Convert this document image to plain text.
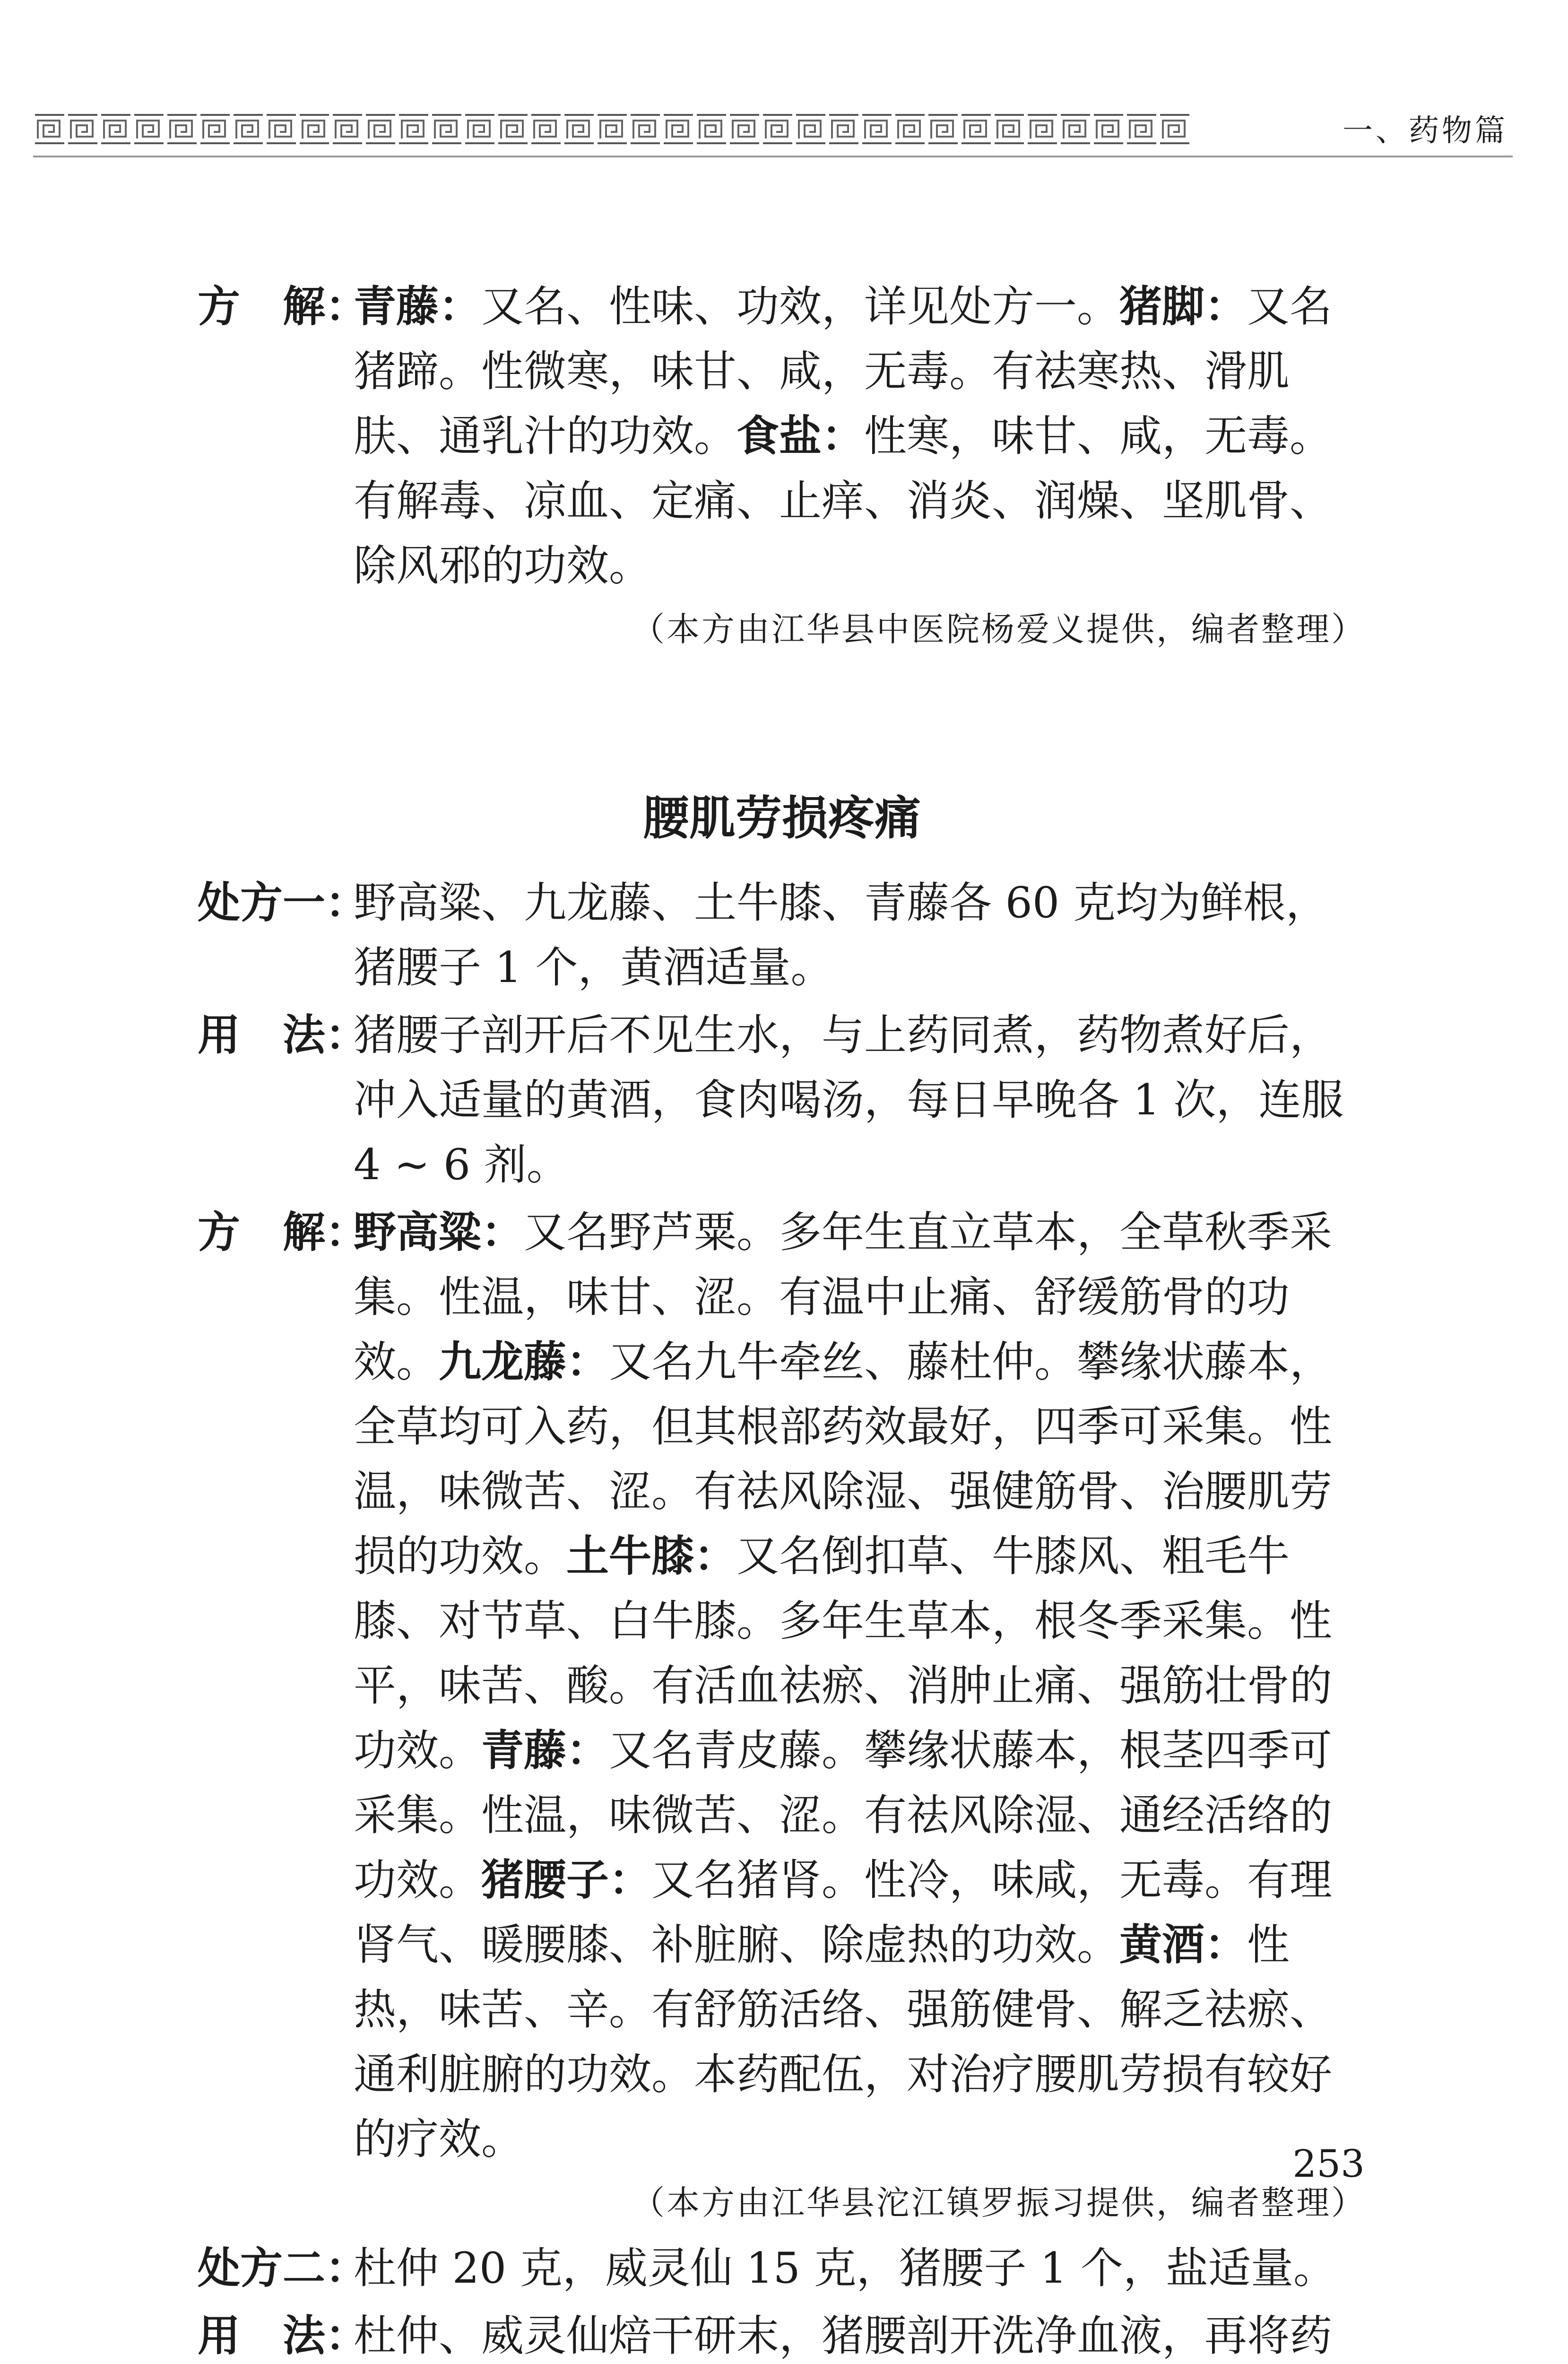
一、药物篇
方　解：

青藤：又名、性味、功效，详见处方一。猪脚：又名猪蹄。性微寒，味甘、咸，无毒。有祛寒热、滑肌肤、通乳汁的功效。食盐：性寒，味甘、咸，无毒。有解毒、凉血、定痛、止痒、消炎、润燥、坚肌骨、除风邪的功效。

（本方由江华县中医院杨爱义提供，编者整理）
腰肌劳损疼痛
处方一：

野高粱、九龙藤、土牛膝、青藤各 60 克均为鲜根，猪腰子 1 个，黄酒适量。

用　法：

猪腰子剖开后不见生水，与上药同煮，药物煮好后，冲入适量的黄酒，食肉喝汤，每日早晚各 1 次，连服 4 ~ 6 剂。

方　解：

野高粱：又名野芦粟。多年生直立草本，全草秋季采集。性温，味甘、涩。有温中止痛、舒缓筋骨的功效。九龙藤：又名九牛牵丝、藤杜仲。攀缘状藤本，全草均可入药，但其根部药效最好，四季可采集。性温，味微苦、涩。有祛风除湿、强健筋骨、治腰肌劳损的功效。土牛膝：又名倒扣草、牛膝风、粗毛牛膝、对节草、白牛膝。多年生草本，根冬季采集。性平，味苦、酸。有活血祛瘀、消肿止痛、强筋壮骨的功效。青藤：又名青皮藤。攀缘状藤本，根茎四季可采集。性温，味微苦、涩。有祛风除湿、通经活络的功效。猪腰子：又名猪肾。性冷，味咸，无毒。有理肾气、暖腰膝、补脏腑、除虚热的功效。黄酒：性热，味苦、辛。有舒筋活络、强筋健骨、解乏祛瘀、通利脏腑的功效。本药配伍，对治疗腰肌劳损有较好的疗效。

（本方由江华县沱江镇罗振习提供，编者整理）
处方二：

杜仲 20 克，威灵仙 15 克，猪腰子 1 个，盐适量。

用　法：

杜仲、威灵仙焙干研末，猪腰剖开洗净血液，再将药

253
